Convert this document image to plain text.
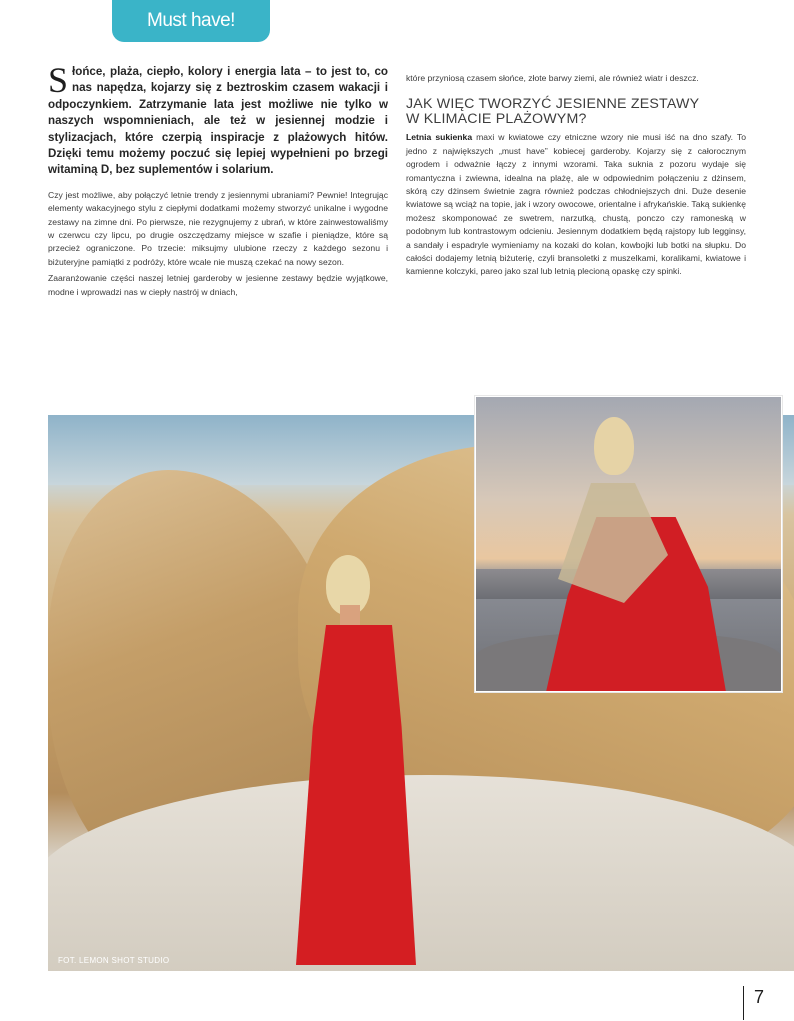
Must have!

Słońce, plaża, ciepło, kolory i energia lata – to jest to, co nas napędza, kojarzy się z beztroskim czasem wakacji i odpoczynkiem. Zatrzymanie lata jest możliwe nie tylko w naszych wspomnieniach, ale też w jesiennej modzie i stylizacjach, które czerpią inspiracje z plażowych hitów. Dzięki temu możemy poczuć się lepiej wypełnieni po brzegi witaminą D, bez suplementów i solarium.

Czy jest możliwe, aby połączyć letnie trendy z jesiennymi ubraniami? Pewnie! Integrując elementy wakacyjnego stylu z ciepłymi dodatkami możemy stworzyć unikalne i wygodne zestawy na zimne dni. Po pierwsze, nie rezygnujemy z ubrań, w które zainwestowaliśmy w czerwcu czy lipcu, po drugie oszczędzamy miejsce w szafie i pieniądze, które są przecież ograniczone. Po trzecie: miksujmy ulubione rzeczy z każdego sezonu i biżuteryjne pamiątki z podróży, które wcale nie muszą czekać na nowy sezon.

Zaaranżowanie części naszej letniej garderoby w jesienne zestawy będzie wyjątkowe, modne i wprowadzi nas w ciepły nastrój w dniach,

które przyniosą czasem słońce, złote barwy ziemi, ale również wiatr i deszcz.

JAK WIĘC TWORZYĆ JESIENNE ZESTAWY
W KLIMACIE PLAŻOWYM?

Letnia sukienka maxi w kwiatowe czy etniczne wzory nie musi iść na dno szafy. To jedno z największych „must have” kobiecej garderoby. Kojarzy się z całorocznym ogrodem i odważnie łączy z innymi wzorami. Taka suknia z pozoru wydaje się romantyczna i zwiewna, idealna na plażę, ale w odpowiednim połączeniu z dżinsem, skórą czy dżinsem świetnie zagra również podczas chłodniejszych dni. Duże desenie kwiatowe są wciąż na topie, jak i wzory owocowe, orientalne i afrykańskie. Taką sukienkę możesz skomponować ze swetrem, narzutką, chustą, ponczo czy ramoneską w podobnym lub kontrastowym odcieniu. Jesiennym dodatkiem będą rajstopy lub legginsy, a sandały i espadryle wymieniamy na kozaki do kolan, kowbojki lub botki na słupku. Do całości dodajemy letnią biżuterię, czyli bransoletki z muszelkami, koralikami, kwiatowe i kamienne kolczyki, pareo jako szal lub letnią plecioną opaskę czy spinki.

FOT. LEMON SHOT STUDIO
7
